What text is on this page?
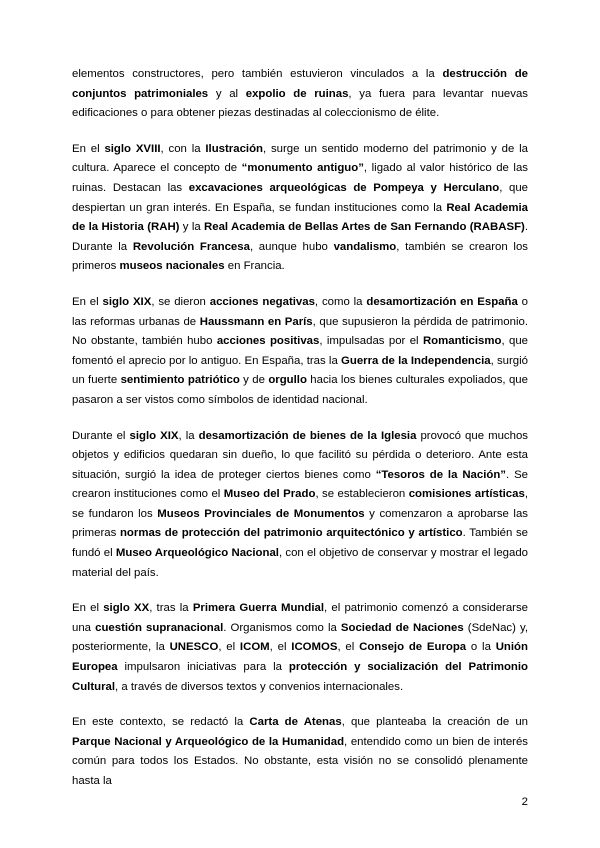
elementos constructores, pero también estuvieron vinculados a la destrucción de conjuntos patrimoniales y al expolio de ruinas, ya fuera para levantar nuevas edificaciones o para obtener piezas destinadas al coleccionismo de élite.

En el siglo XVIII, con la Ilustración, surge un sentido moderno del patrimonio y de la cultura. Aparece el concepto de “monumento antiguo”, ligado al valor histórico de las ruinas. Destacan las excavaciones arqueológicas de Pompeya y Herculano, que despiertan un gran interés. En España, se fundan instituciones como la Real Academia de la Historia (RAH) y la Real Academia de Bellas Artes de San Fernando (RABASF). Durante la Revolución Francesa, aunque hubo vandalismo, también se crearon los primeros museos nacionales en Francia.

En el siglo XIX, se dieron acciones negativas, como la desamortización en España o las reformas urbanas de Haussmann en París, que supusieron la pérdida de patrimonio. No obstante, también hubo acciones positivas, impulsadas por el Romanticismo, que fomentó el aprecio por lo antiguo. En España, tras la Guerra de la Independencia, surgió un fuerte sentimiento patriótico y de orgullo hacia los bienes culturales expoliados, que pasaron a ser vistos como símbolos de identidad nacional.

Durante el siglo XIX, la desamortización de bienes de la Iglesia provocó que muchos objetos y edificios quedaran sin dueño, lo que facilitó su pérdida o deterioro. Ante esta situación, surgió la idea de proteger ciertos bienes como “Tesoros de la Nación”. Se crearon instituciones como el Museo del Prado, se establecieron comisiones artísticas, se fundaron los Museos Provinciales de Monumentos y comenzaron a aprobarse las primeras normas de protección del patrimonio arquitectónico y artístico. También se fundó el Museo Arqueológico Nacional, con el objetivo de conservar y mostrar el legado material del país.

En el siglo XX, tras la Primera Guerra Mundial, el patrimonio comenzó a considerarse una cuestión supranacional. Organismos como la Sociedad de Naciones (SdeNac) y, posteriormente, la UNESCO, el ICOM, el ICOMOS, el Consejo de Europa o la Unión Europea impulsaron iniciativas para la protección y socialización del Patrimonio Cultural, a través de diversos textos y convenios internacionales.

En este contexto, se redactó la Carta de Atenas, que planteaba la creación de un Parque Nacional y Arqueológico de la Humanidad, entendido como un bien de interés común para todos los Estados. No obstante, esta visión no se consolidó plenamente hasta la

2
